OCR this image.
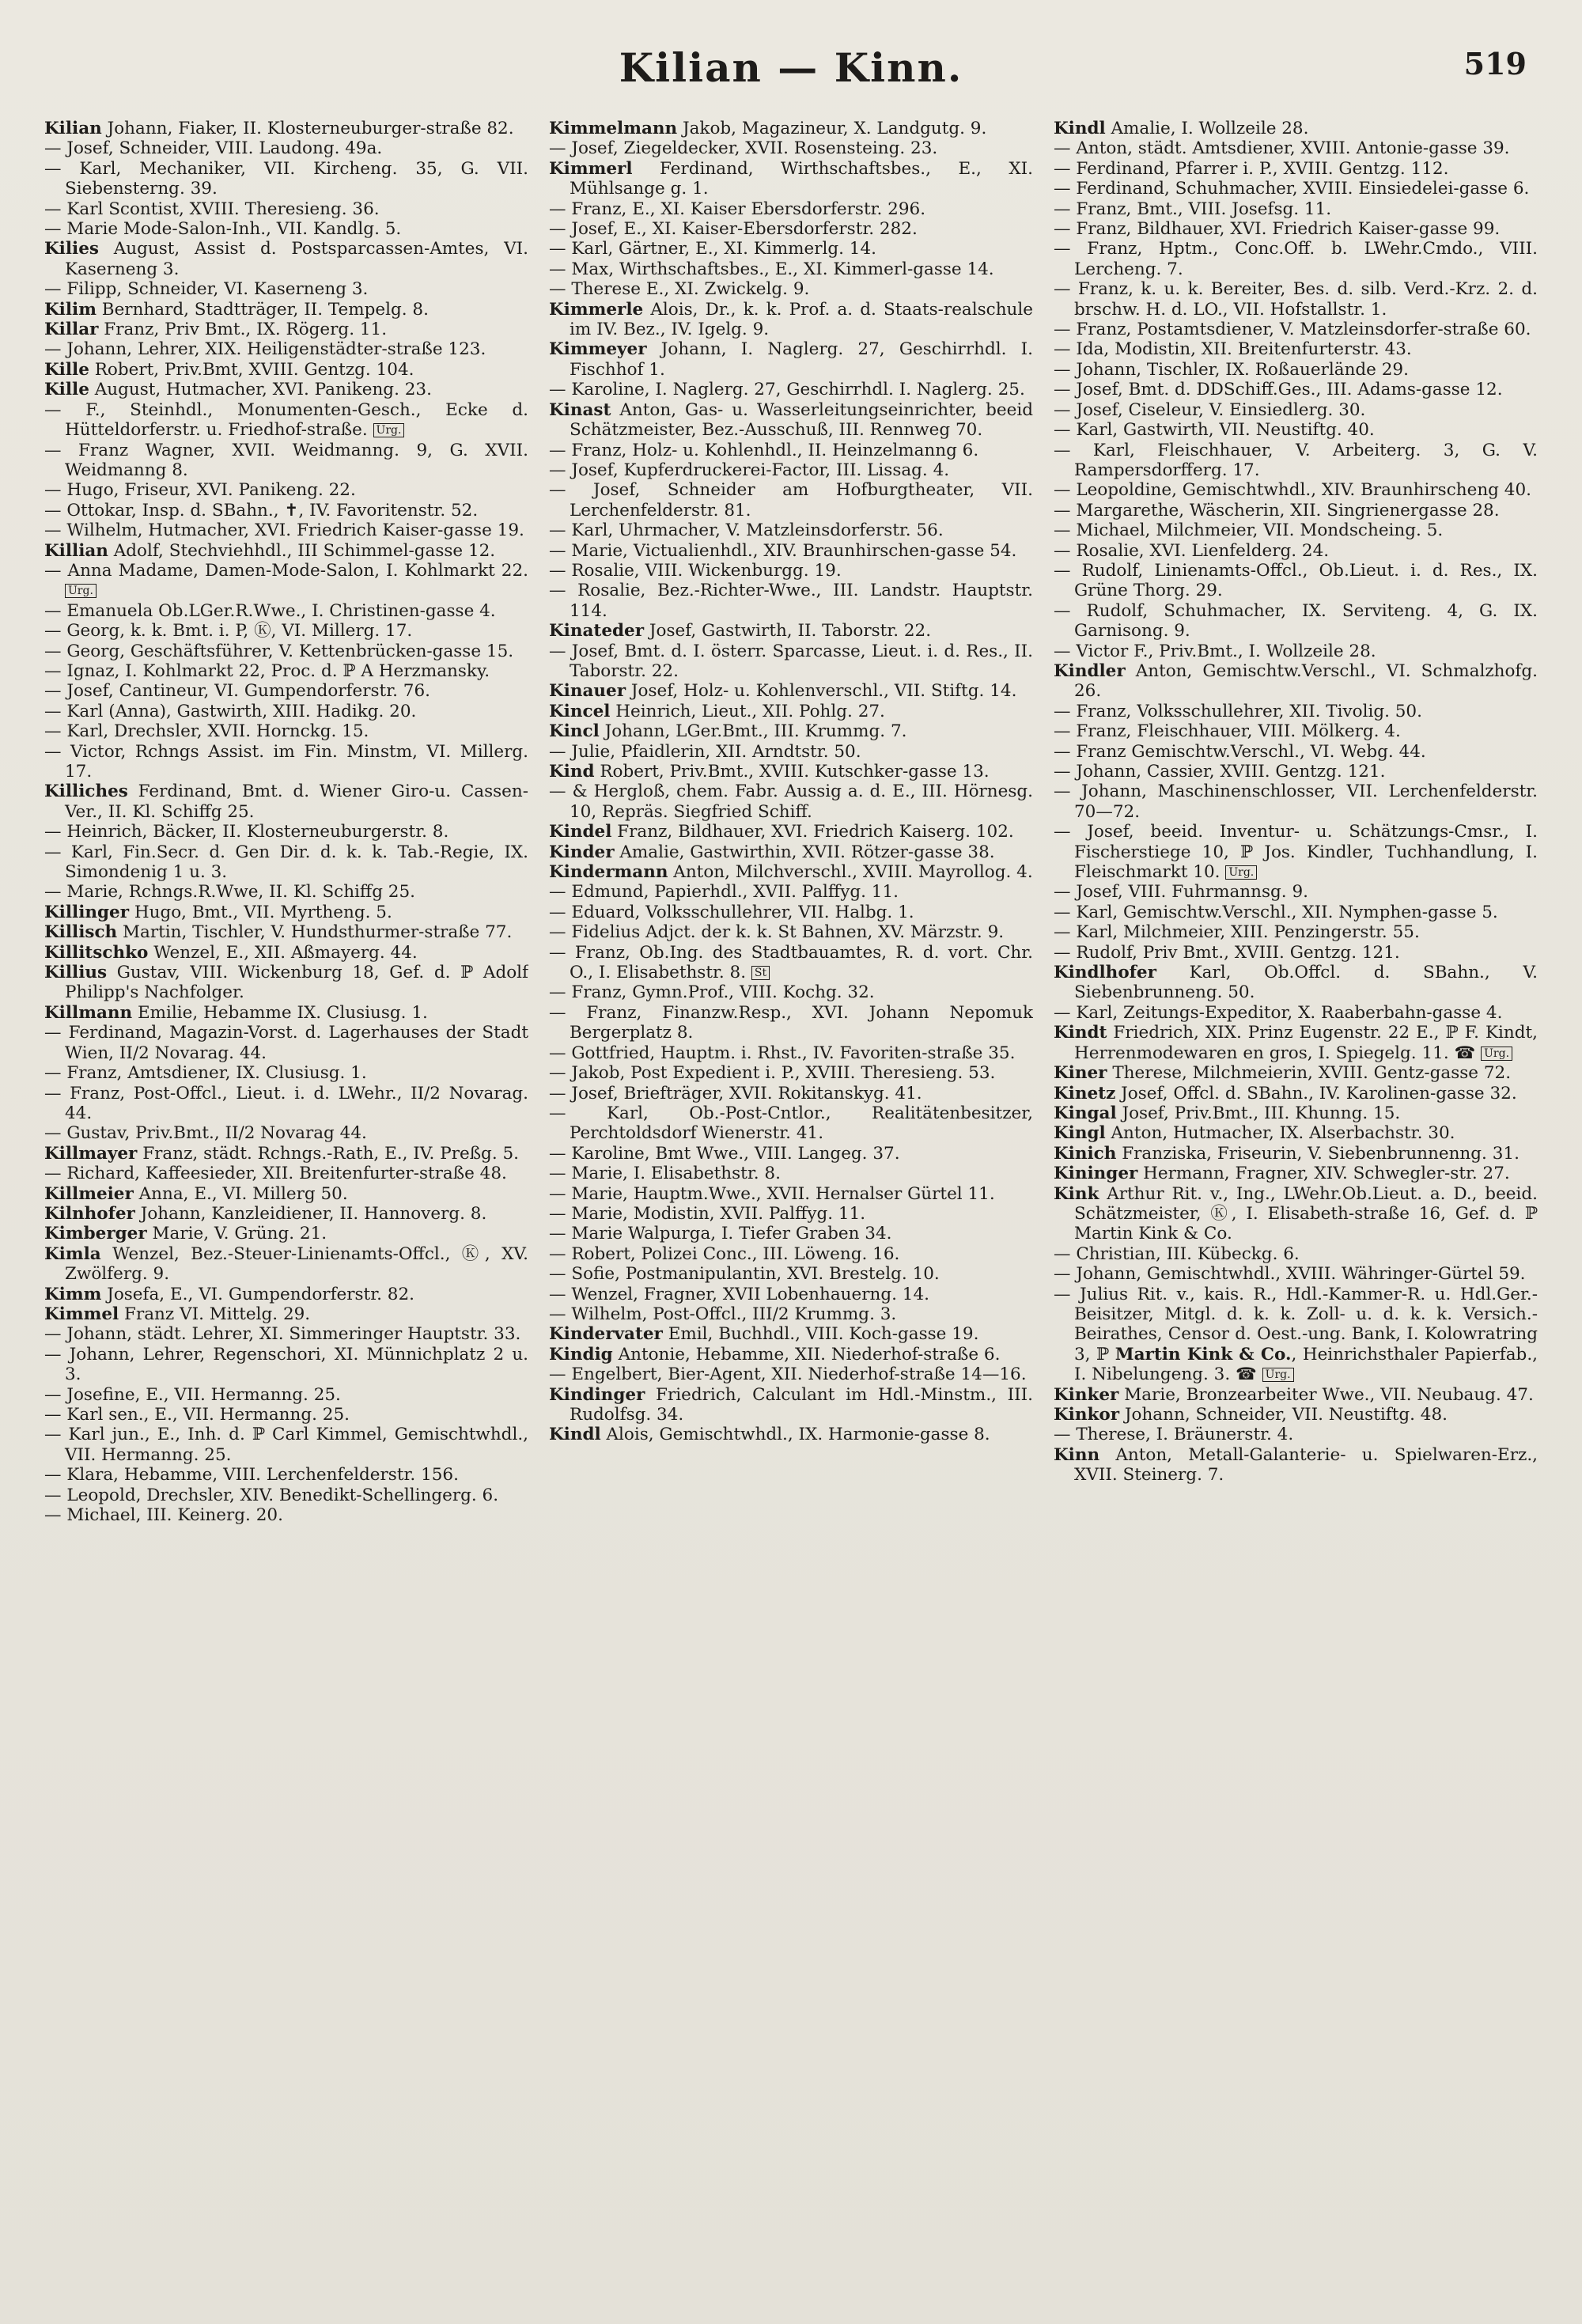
Kilian — Kinn.	519

Kilian Johann, Fiaker, II. Klosterneuburger-straße 82.

— Josef, Schneider, VIII. Laudong. 49a.

— Karl, Mechaniker, VII. Kircheng. 35, G. VII. Siebensterng. 39.

— Karl Scontist, XVIII. Theresieng. 36.

— Marie Mode-Salon-Inh., VII. Kandlg. 5.

Kilies August, Assist d. Postsparcassen-Amtes, VI. Kaserneng 3.

— Filipp, Schneider, VI. Kaserneng 3.

Kilim Bernhard, Stadtträger, II. Tempelg. 8.

Killar Franz, Priv Bmt., IX. Rögerg. 11.

— Johann, Lehrer, XIX. Heiligenstädter-straße 123.

Kille Robert, Priv.Bmt, XVIII. Gentzg. 104.

Kille August, Hutmacher, XVI. Panikeng. 23.

— F., Steinhdl., Monumenten-Gesch., Ecke d. Hütteldorferstr. u. Friedhof-straße. Urg.

— Franz Wagner, XVII. Weidmanng. 9, G. XVII. Weidmanng 8.

— Hugo, Friseur, XVI. Panikeng. 22.

— Ottokar, Insp. d. SBahn., ✝, IV. Favoritenstr. 52.

— Wilhelm, Hutmacher, XVI. Friedrich Kaiser-gasse 19.

Killian Adolf, Stechviehhdl., III Schimmel-gasse 12.

— Anna Madame, Damen-Mode-Salon, I. Kohlmarkt 22. Urg.

— Emanuela Ob.LGer.R.Wwe., I. Christinen-gasse 4.

— Georg, k. k. Bmt. i. P, Ⓚ, VI. Millerg. 17.

— Georg, Geschäftsführer, V. Kettenbrücken-gasse 15.

— Ignaz, I. Kohlmarkt 22, Proc. d. ℙ A Herzmansky.

— Josef, Cantineur, VI. Gumpendorferstr. 76.

— Karl (Anna), Gastwirth, XIII. Hadikg. 20.

— Karl, Drechsler, XVII. Hornckg. 15.

— Victor, Rchngs Assist. im Fin. Minstm, VI. Millerg. 17.

Killiches Ferdinand, Bmt. d. Wiener Giro-u. Cassen-Ver., II. Kl. Schiffg 25.

— Heinrich, Bäcker, II. Klosterneuburgerstr. 8.

— Karl, Fin.Secr. d. Gen Dir. d. k. k. Tab.-Regie, IX. Simondenig 1 u. 3.

— Marie, Rchngs.R.Wwe, II. Kl. Schiffg 25.

Killinger Hugo, Bmt., VII. Myrtheng. 5.

Killisch Martin, Tischler, V. Hundsthurmer-straße 77.

Killitschko Wenzel, E., XII. Aßmayerg. 44.

Killius Gustav, VIII. Wickenburg 18, Gef. d. ℙ Adolf Philipp's Nachfolger.

Killmann Emilie, Hebamme IX. Clusiusg. 1.

— Ferdinand, Magazin-Vorst. d. Lagerhauses der Stadt Wien, II/2 Novarag. 44.

— Franz, Amtsdiener, IX. Clusiusg. 1.

— Franz, Post-Offcl., Lieut. i. d. LWehr., II/2 Novarag. 44.

— Gustav, Priv.Bmt., II/2 Novarag 44.

Killmayer Franz, städt. Rchngs.-Rath, E., IV. Preßg. 5.

— Richard, Kaffeesieder, XII. Breitenfurter-straße 48.

Killmeier Anna, E., VI. Millerg 50.

Kilnhofer Johann, Kanzleidiener, II. Hannoverg. 8.

Kimberger Marie, V. Grüng. 21.

Kimla Wenzel, Bez.-Steuer-Linienamts-Offcl., Ⓚ, XV. Zwölferg. 9.

Kimm Josefa, E., VI. Gumpendorferstr. 82.

Kimmel Franz VI. Mittelg. 29.

— Johann, städt. Lehrer, XI. Simmeringer Hauptstr. 33.

— Johann, Lehrer, Regenschori, XI. Münnichplatz 2 u. 3.

— Josefine, E., VII. Hermanng. 25.

— Karl sen., E., VII. Hermanng. 25.

— Karl jun., E., Inh. d. ℙ Carl Kimmel, Gemischtwhdl., VII. Hermanng. 25.

— Klara, Hebamme, VIII. Lerchenfelderstr. 156.

— Leopold, Drechsler, XIV. Benedikt-Schellingerg. 6.

— Michael, III. Keinerg. 20.

Kimmelmann Jakob, Magazineur, X. Landgutg. 9.

— Josef, Ziegeldecker, XVII. Rosensteing. 23.

Kimmerl Ferdinand, Wirthschaftsbes., E., XI. Mühlsange g. 1.

— Franz, E., XI. Kaiser Ebersdorferstr. 296.

— Josef, E., XI. Kaiser-Ebersdorferstr. 282.

— Karl, Gärtner, E., XI. Kimmerlg. 14.

— Max, Wirthschaftsbes., E., XI. Kimmerl-gasse 14.

— Therese E., XI. Zwickelg. 9.

Kimmerle Alois, Dr., k. k. Prof. a. d. Staats-realschule im IV. Bez., IV. Igelg. 9.

Kimmeyer Johann, I. Naglerg. 27, Geschirrhdl. I. Fischhof 1.

— Karoline, I. Naglerg. 27, Geschirrhdl. I. Naglerg. 25.

Kinast Anton, Gas- u. Wasserleitungseinrichter, beeid Schätzmeister, Bez.-Ausschuß, III. Rennweg 70.

— Franz, Holz- u. Kohlenhdl., II. Heinzelmanng 6.

— Josef, Kupferdruckerei-Factor, III. Lissag. 4.

— Josef, Schneider am Hofburgtheater, VII. Lerchenfelderstr. 81.

— Karl, Uhrmacher, V. Matzleinsdorferstr. 56.

— Marie, Victualienhdl., XIV. Braunhirschen-gasse 54.

— Rosalie, VIII. Wickenburgg. 19.

— Rosalie, Bez.-Richter-Wwe., III. Landstr. Hauptstr. 114.

Kinateder Josef, Gastwirth, II. Taborstr. 22.

— Josef, Bmt. d. I. österr. Sparcasse, Lieut. i. d. Res., II. Taborstr. 22.

Kinauer Josef, Holz- u. Kohlenverschl., VII. Stiftg. 14.

Kincel Heinrich, Lieut., XII. Pohlg. 27.

Kincl Johann, LGer.Bmt., III. Krummg. 7.

— Julie, Pfaidlerin, XII. Arndtstr. 50.

Kind Robert, Priv.Bmt., XVIII. Kutschker-gasse 13.

— & Hergloß, chem. Fabr. Aussig a. d. E., III. Hörnesg. 10, Repräs. Siegfried Schiff.

Kindel Franz, Bildhauer, XVI. Friedrich Kaiserg. 102.

Kinder Amalie, Gastwirthin, XVII. Rötzer-gasse 38.

Kindermann Anton, Milchverschl., XVIII. Mayrollog. 4.

— Edmund, Papierhdl., XVII. Palffyg. 11.

— Eduard, Volksschullehrer, VII. Halbg. 1.

— Fidelius Adjct. der k. k. St Bahnen, XV. Märzstr. 9.

— Franz, Ob.Ing. des Stadtbauamtes, R. d. vort. Chr. O., I. Elisabethstr. 8. St

— Franz, Gymn.Prof., VIII. Kochg. 32.

— Franz, Finanzw.Resp., XVI. Johann Nepomuk Bergerplatz 8.

— Gottfried, Hauptm. i. Rhst., IV. Favoriten-straße 35.

— Jakob, Post Expedient i. P., XVIII. Theresieng. 53.

— Josef, Briefträger, XVII. Rokitanskyg. 41.

— Karl, Ob.-Post-Cntlor., Realitätenbesitzer, Perchtoldsdorf Wienerstr. 41.

— Karoline, Bmt Wwe., VIII. Langeg. 37.

— Marie, I. Elisabethstr. 8.

— Marie, Hauptm.Wwe., XVII. Hernalser Gürtel 11.

— Marie, Modistin, XVII. Palffyg. 11.

— Marie Walpurga, I. Tiefer Graben 34.

— Robert, Polizei Conc., III. Löweng. 16.

— Sofie, Postmanipulantin, XVI. Brestelg. 10.

— Wenzel, Fragner, XVII Lobenhauerng. 14.

— Wilhelm, Post-Offcl., III/2 Krummg. 3.

Kindervater Emil, Buchhdl., VIII. Koch-gasse 19.

Kindig Antonie, Hebamme, XII. Niederhof-straße 6.

— Engelbert, Bier-Agent, XII. Niederhof-straße 14—16.

Kindinger Friedrich, Calculant im Hdl.-Minstm., III. Rudolfsg. 34.

Kindl Alois, Gemischtwhdl., IX. Harmonie-gasse 8.

Kindl Amalie, I. Wollzeile 28.

— Anton, städt. Amtsdiener, XVIII. Antonie-gasse 39.

— Ferdinand, Pfarrer i. P., XVIII. Gentzg. 112.

— Ferdinand, Schuhmacher, XVIII. Einsiedelei-gasse 6.

— Franz, Bmt., VIII. Josefsg. 11.

— Franz, Bildhauer, XVI. Friedrich Kaiser-gasse 99.

— Franz, Hptm., Conc.Off. b. LWehr.Cmdo., VIII. Lercheng. 7.

— Franz, k. u. k. Bereiter, Bes. d. silb. Verd.-Krz. 2. d. brschw. H. d. LO., VII. Hofstallstr. 1.

— Franz, Postamtsdiener, V. Matzleinsdorfer-straße 60.

— Ida, Modistin, XII. Breitenfurterstr. 43.

— Johann, Tischler, IX. Roßauerlände 29.

— Josef, Bmt. d. DDSchiff.Ges., III. Adams-gasse 12.

— Josef, Ciseleur, V. Einsiedlerg. 30.

— Karl, Gastwirth, VII. Neustiftg. 40.

— Karl, Fleischhauer, V. Arbeiterg. 3, G. V. Rampersdorfferg. 17.

— Leopoldine, Gemischtwhdl., XIV. Braunhirscheng 40.

— Margarethe, Wäscherin, XII. Singrienergasse 28.

— Michael, Milchmeier, VII. Mondscheing. 5.

— Rosalie, XVI. Lienfelderg. 24.

— Rudolf, Linienamts-Offcl., Ob.Lieut. i. d. Res., IX. Grüne Thorg. 29.

— Rudolf, Schuhmacher, IX. Serviteng. 4, G. IX. Garnisong. 9.

— Victor F., Priv.Bmt., I. Wollzeile 28.

Kindler Anton, Gemischtw.Verschl., VI. Schmalzhofg. 26.

— Franz, Volksschullehrer, XII. Tivolig. 50.

— Franz, Fleischhauer, VIII. Mölkerg. 4.

— Franz Gemischtw.Verschl., VI. Webg. 44.

— Johann, Cassier, XVIII. Gentzg. 121.

— Johann, Maschinenschlosser, VII. Lerchenfelderstr. 70—72.

— Josef, beeid. Inventur- u. Schätzungs-Cmsr., I. Fischerstiege 10, ℙ Jos. Kindler, Tuchhandlung, I. Fleischmarkt 10. Urg.

— Josef, VIII. Fuhrmannsg. 9.

— Karl, Gemischtw.Verschl., XII. Nymphen-gasse 5.

— Karl, Milchmeier, XIII. Penzingerstr. 55.

— Rudolf, Priv Bmt., XVIII. Gentzg. 121.

Kindlhofer Karl, Ob.Offcl. d. SBahn., V. Siebenbrunneng. 50.

— Karl, Zeitungs-Expeditor, X. Raaberbahn-gasse 4.

Kindt Friedrich, XIX. Prinz Eugenstr. 22 E., ℙ F. Kindt, Herrenmodewaren en gros, I. Spiegelg. 11. ☎ Urg.

Kiner Therese, Milchmeierin, XVIII. Gentz-gasse 72.

Kinetz Josef, Offcl. d. SBahn., IV. Karolinen-gasse 32.

Kingal Josef, Priv.Bmt., III. Khunng. 15.

Kingl Anton, Hutmacher, IX. Alserbachstr. 30.

Kinich Franziska, Friseurin, V. Siebenbrunnenng. 31.

Kininger Hermann, Fragner, XIV. Schwegler-str. 27.

Kink Arthur Rit. v., Ing., LWehr.Ob.Lieut. a. D., beeid. Schätzmeister, Ⓚ, I. Elisabeth-straße 16, Gef. d. ℙ Martin Kink & Co.

— Christian, III. Kübeckg. 6.

— Johann, Gemischtwhdl., XVIII. Währinger-Gürtel 59.

— Julius Rit. v., kais. R., Hdl.-Kammer-R. u. Hdl.Ger.-Beisitzer, Mitgl. d. k. k. Zoll- u. d. k. k. Versich.-Beirathes, Censor d. Oest.-ung. Bank, I. Kolowratring 3, ℙ Martin Kink & Co., Heinrichsthaler Papierfab., I. Nibelungeng. 3. ☎ Urg.

Kinker Marie, Bronzearbeiter Wwe., VII. Neubaug. 47.

Kinkor Johann, Schneider, VII. Neustiftg. 48.

— Therese, I. Bräunerstr. 4.

Kinn Anton, Metall-Galanterie- u. Spielwaren-Erz., XVII. Steinerg. 7.
